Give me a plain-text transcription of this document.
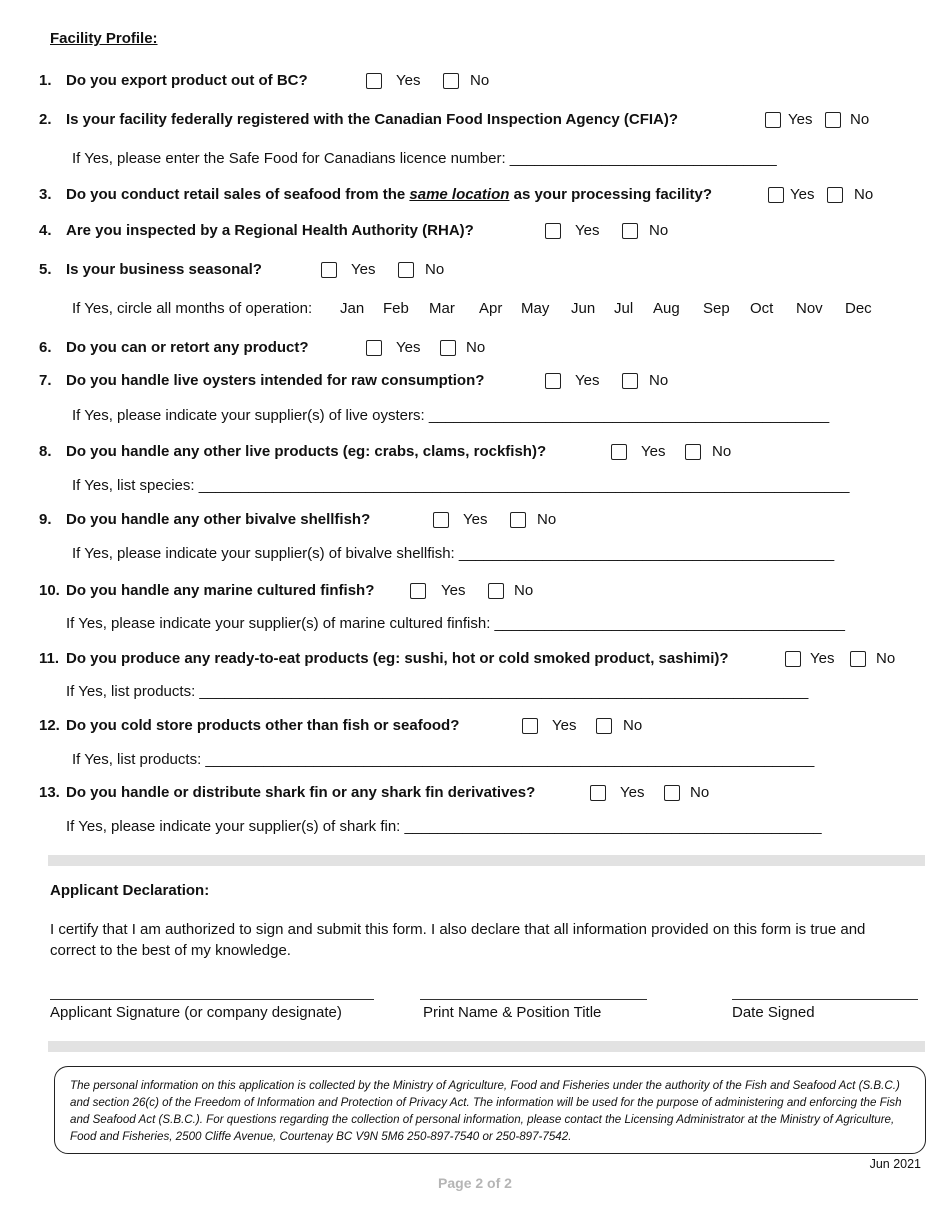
Facility Profile:
1. Do you export product out of BC?	Yes	No
2. Is your facility federally registered with the Canadian Food Inspection Agency (CFIA)?	Yes	No
If Yes, please enter the Safe Food for Canadians licence number: ________________________________
3. Do you conduct retail sales of seafood from the same location as your processing facility?	Yes	No
4. Are you inspected by a Regional Health Authority (RHA)?	Yes	No
5. Is your business seasonal?	Yes	No
If Yes, circle all months of operation: Jan Feb Mar Apr May Jun Jul Aug Sep Oct Nov Dec
6. Do you can or retort any product?	Yes	No
7. Do you handle live oysters intended for raw consumption?	Yes	No
If Yes, please indicate your supplier(s) of live oysters: ________________________________________________
8. Do you handle any other live products (eg: crabs, clams, rockfish)?	Yes	No
If Yes, list species: ______________________________________________________________________________
9. Do you handle any other bivalve shellfish?	Yes	No
If Yes, please indicate your supplier(s) of bivalve shellfish: _____________________________________________
10. Do you handle any marine cultured finfish?	Yes	No
If Yes, please indicate your supplier(s) of marine cultured finfish: __________________________________________
11. Do you produce any ready-to-eat products (eg: sushi, hot or cold smoked product, sashimi)?	Yes	No
If Yes, list products: _________________________________________________________________________
12. Do you cold store products other than fish or seafood?	Yes	No
If Yes, list products: _________________________________________________________________________
13. Do you handle or distribute shark fin or any shark fin derivatives?	Yes	No
If Yes, please indicate your supplier(s) of shark fin: __________________________________________________
Applicant Declaration:
I certify that I am authorized to sign and submit this form. I also declare that all information provided on this form is true and correct to the best of my knowledge.
Applicant Signature (or company designate)	Print Name & Position Title	Date Signed
The personal information on this application is collected by the Ministry of Agriculture, Food and Fisheries under the authority of the Fish and Seafood Act (S.B.C.) and section 26(c) of the Freedom of Information and Protection of Privacy Act. The information will be used for the purpose of administering and enforcing the Fish and Seafood Act (S.B.C.). For questions regarding the collection of personal information, please contact the Licensing Administrator at the Ministry of Agriculture, Food and Fisheries, 2500 Cliffe Avenue, Courtenay BC V9N 5M6 250-897-7540 or 250-897-7542.
Jun 2021
Page 2 of 2
